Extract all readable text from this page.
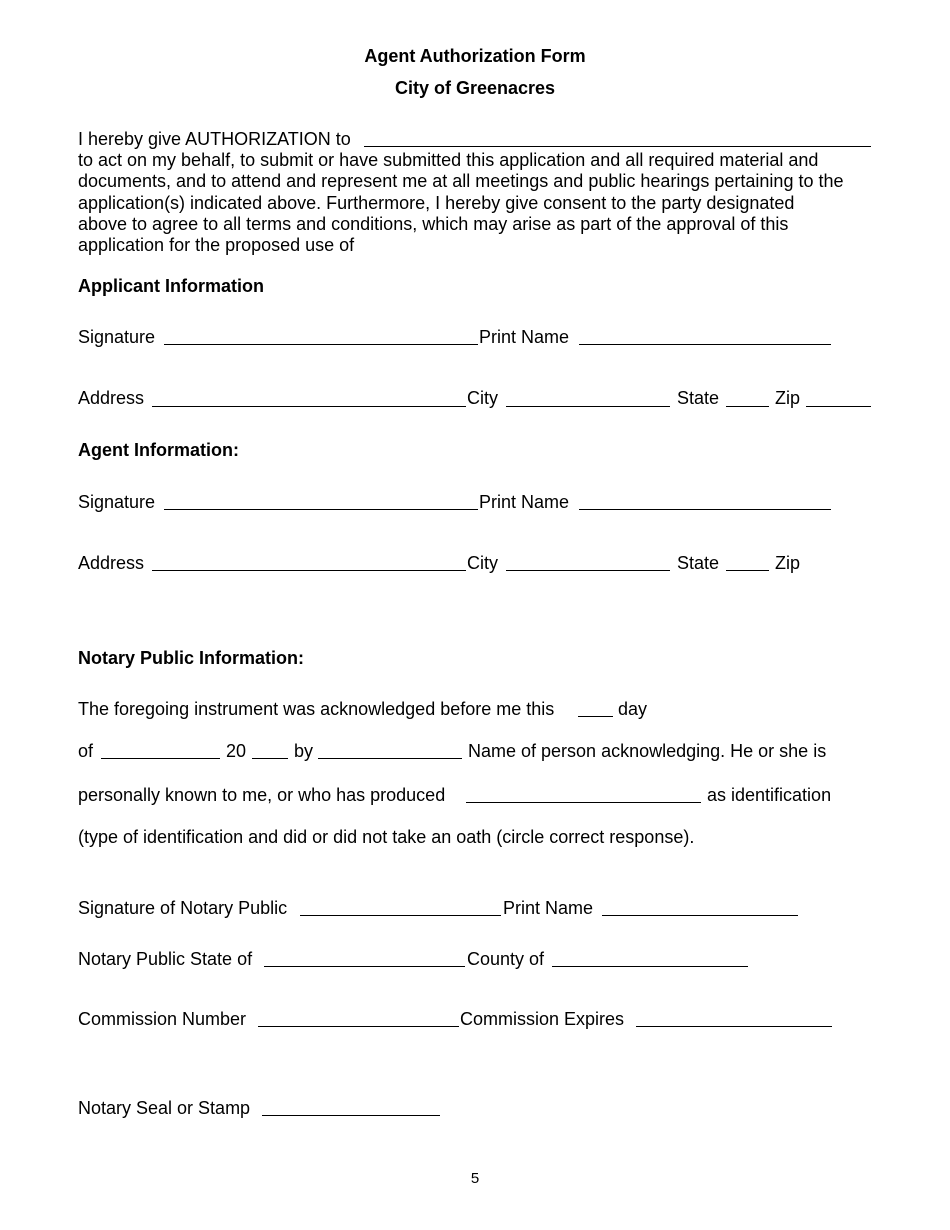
Agent Authorization Form
City of Greenacres
I hereby give AUTHORIZATION to
to act on my behalf, to submit or have submitted this application and all required material and
documents, and to attend and represent me at all meetings and public hearings pertaining to the
application(s) indicated above. Furthermore, I hereby give consent to the party designated
above to agree to all terms and conditions, which may arise as part of the approval of this
application for the proposed use of
Applicant Information
Signature	Print Name
Address	City	State	Zip
Agent Information:
Signature	Print Name
Address	City	State	Zip
Notary Public Information:
The foregoing instrument was acknowledged before me this	day
of	20	by	Name of person acknowledging. He or she is
personally known to me, or who has produced	as identification
(type of identification and did or did not take an oath (circle correct response).
Signature of Notary Public	Print Name
Notary Public State of	County of
Commission Number	Commission Expires
Notary Seal or Stamp
5
